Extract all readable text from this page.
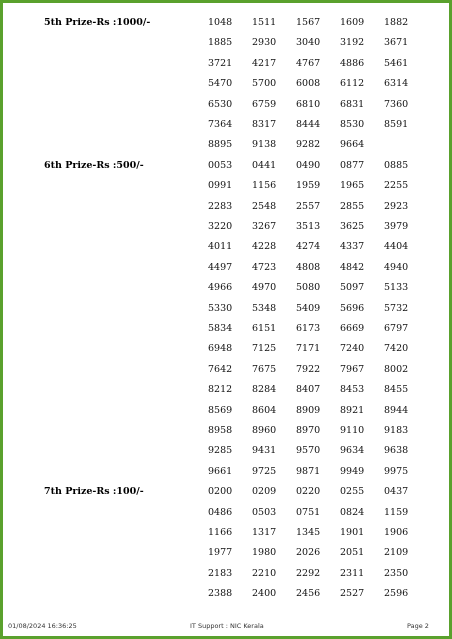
5th Prize-Rs :1000/-	1048 1511 1567 1609 1882
1885 2930 3040 3192 3671
3721 4217 4767 4886 5461
5470 5700 6008 6112 6314
6530 6759 6810 6831 7360
7364 8317 8444 8530 8591
8895 9138 9282 9664
6th Prize-Rs :500/-	0053 0441 0490 0877 0885
0991 1156 1959 1965 2255
2283 2548 2557 2855 2923
3220 3267 3513 3625 3979
4011 4228 4274 4337 4404
4497 4723 4808 4842 4940
4966 4970 5080 5097 5133
5330 5348 5409 5696 5732
5834 6151 6173 6669 6797
6948 7125 7171 7240 7420
7642 7675 7922 7967 8002
8212 8284 8407 8453 8455
8569 8604 8909 8921 8944
8958 8960 8970 9110 9183
9285 9431 9570 9634 9638
9661 9725 9871 9949 9975
7th Prize-Rs :100/-	0200 0209 0220 0255 0437
0486 0503 0751 0824 1159
1166 1317 1345 1901 1906
1977 1980 2026 2051 2109
2183 2210 2292 2311 2350
2388 2400 2456 2527 2596
01/08/2024 16:36:25	IT Support : NIC Kerala	Page 2
